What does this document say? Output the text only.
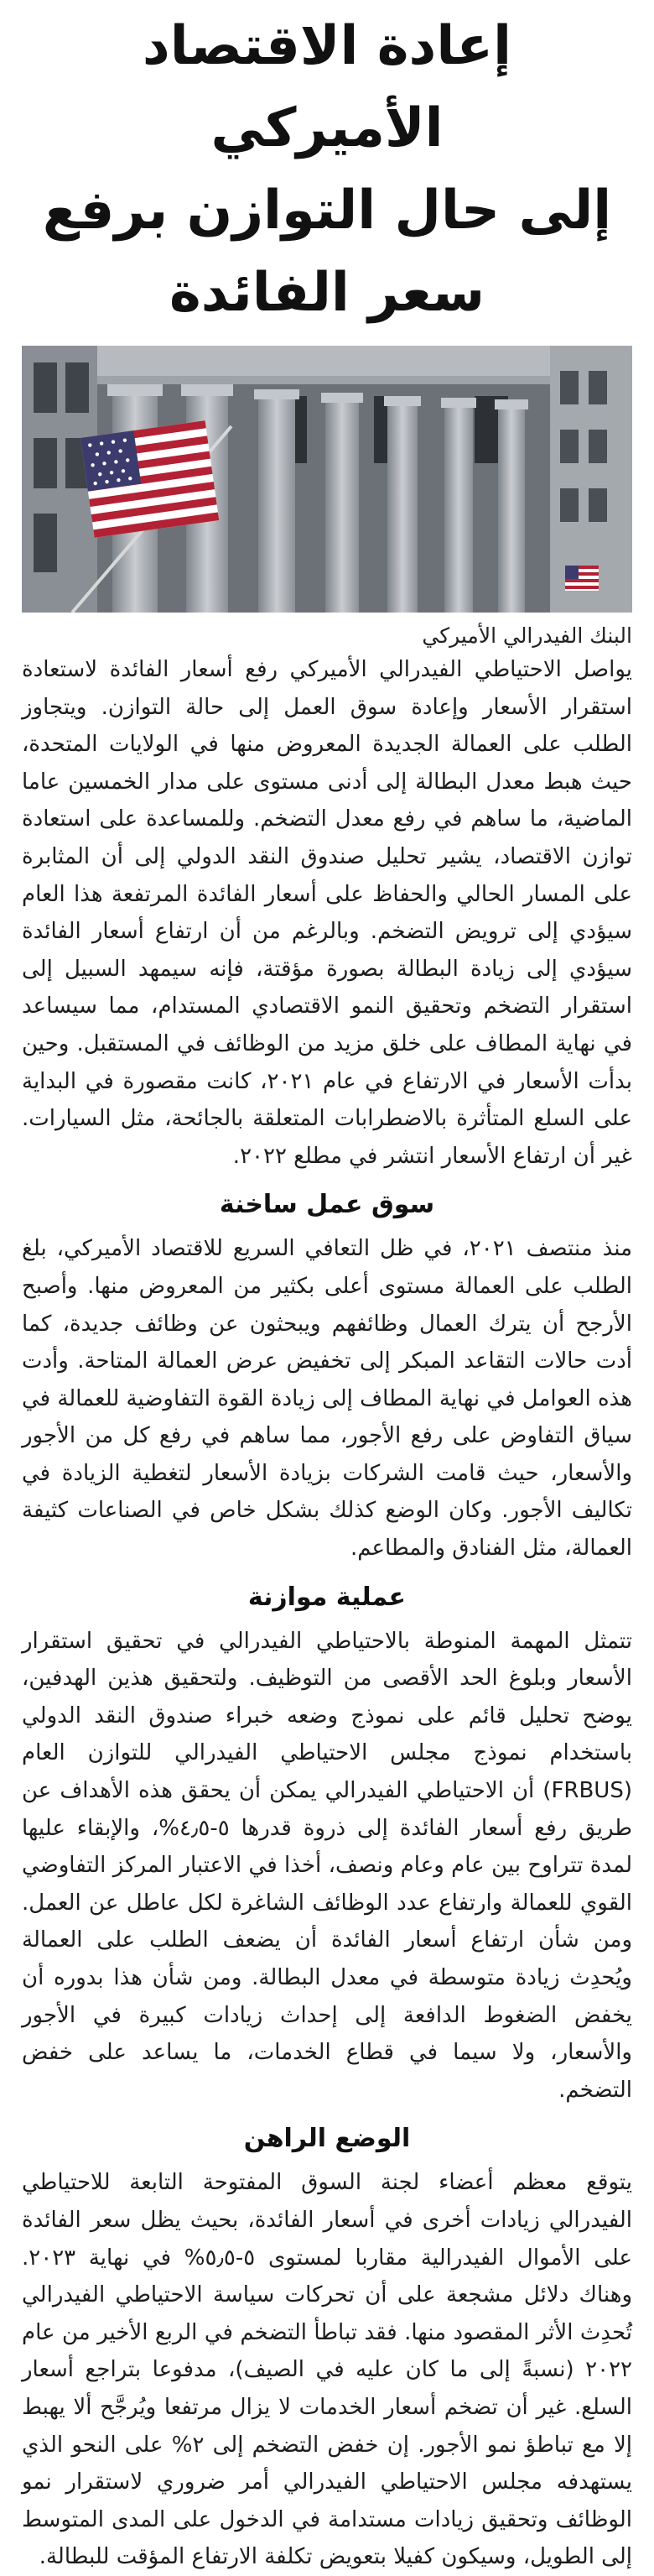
إعادة الاقتصاد الأميركي
إلى حال التوازن برفع سعر الفائدة

البنك الفيدرالي الأميركي

يواصل الاحتياطي الفيدرالي الأميركي رفع أسعار الفائدة لاستعادة استقرار الأسعار وإعادة سوق العمل إلى حالة التوازن. ويتجاوز الطلب على العمالة الجديدة المعروض منها في الولايات المتحدة، حيث هبط معدل البطالة إلى أدنى مستوى على مدار الخمسين عاما الماضية، ما ساهم في رفع معدل التضخم. وللمساعدة على استعادة توازن الاقتصاد، يشير تحليل صندوق النقد الدولي إلى أن المثابرة على المسار الحالي والحفاظ على أسعار الفائدة المرتفعة هذا العام سيؤدي إلى ترويض التضخم. وبالرغم من أن ارتفاع أسعار الفائدة سيؤدي إلى زيادة البطالة بصورة مؤقتة، فإنه سيمهد السبيل إلى استقرار التضخم وتحقيق النمو الاقتصادي المستدام، مما سيساعد في نهاية المطاف على خلق مزيد من الوظائف في المستقبل. وحين بدأت الأسعار في الارتفاع في عام ٢٠٢١، كانت مقصورة في البداية على السلع المتأثرة بالاضطرابات المتعلقة بالجائحة، مثل السيارات. غير أن ارتفاع الأسعار انتشر في مطلع ٢٠٢٢.

سوق عمل ساخنة

منذ منتصف ٢٠٢١، في ظل التعافي السريع للاقتصاد الأميركي، بلغ الطلب على العمالة مستوى أعلى بكثير من المعروض منها. وأصبح الأرجح أن يترك العمال وظائفهم ويبحثون عن وظائف جديدة، كما أدت حالات التقاعد المبكر إلى تخفيض عرض العمالة المتاحة. وأدت هذه العوامل في نهاية المطاف إلى زيادة القوة التفاوضية للعمالة في سياق التفاوض على رفع الأجور، مما ساهم في رفع كل من الأجور والأسعار، حيث قامت الشركات بزيادة الأسعار لتغطية الزيادة في تكاليف الأجور. وكان الوضع كذلك بشكل خاص في الصناعات كثيفة العمالة، مثل الفنادق والمطاعم.

عملية موازنة

تتمثل المهمة المنوطة بالاحتياطي الفيدرالي في تحقيق استقرار الأسعار وبلوغ الحد الأقصى من التوظيف. ولتحقيق هذين الهدفين، يوضح تحليل قائم على نموذج وضعه خبراء صندوق النقد الدولي باستخدام نموذج مجلس الاحتياطي الفيدرالي للتوازن العام (FRBUS) أن الاحتياطي الفيدرالي يمكن أن يحقق هذه الأهداف عن طريق رفع أسعار الفائدة إلى ذروة قدرها ٥-٤٫٥%، والإبقاء عليها لمدة تتراوح بين عام وعام ونصف، أخذا في الاعتبار المركز التفاوضي القوي للعمالة وارتفاع عدد الوظائف الشاغرة لكل عاطل عن العمل. ومن شأن ارتفاع أسعار الفائدة أن يضعف الطلب على العمالة ويُحدِث زيادة متوسطة في معدل البطالة. ومن شأن هذا بدوره أن يخفض الضغوط الدافعة إلى إحداث زيادات كبيرة في الأجور والأسعار، ولا سيما في قطاع الخدمات، ما يساعد على خفض التضخم.

الوضع الراهن

يتوقع معظم أعضاء لجنة السوق المفتوحة التابعة للاحتياطي الفيدرالي زيادات أخرى في أسعار الفائدة، بحيث يظل سعر الفائدة على الأموال الفيدرالية مقاربا لمستوى ٥-٥٫٥% في نهاية ٢٠٢٣. وهناك دلائل مشجعة على أن تحركات سياسة الاحتياطي الفيدرالي تُحدِث الأثر المقصود منها. فقد تباطأ التضخم في الربع الأخير من عام ٢٠٢٢ (نسبةً إلى ما كان عليه في الصيف)، مدفوعا بتراجع أسعار السلع. غير أن تضخم أسعار الخدمات لا يزال مرتفعا ويُرجَّح ألا يهبط إلا مع تباطؤ نمو الأجور. إن خفض التضخم إلى ٢% على النحو الذي يستهدفه مجلس الاحتياطي الفيدرالي أمر ضروري لاستقرار نمو الوظائف وتحقيق زيادات مستدامة في الدخول على المدى المتوسط إلى الطويل، وسيكون كفيلا بتعويض تكلفة الارتفاع المؤقت للبطالة.
